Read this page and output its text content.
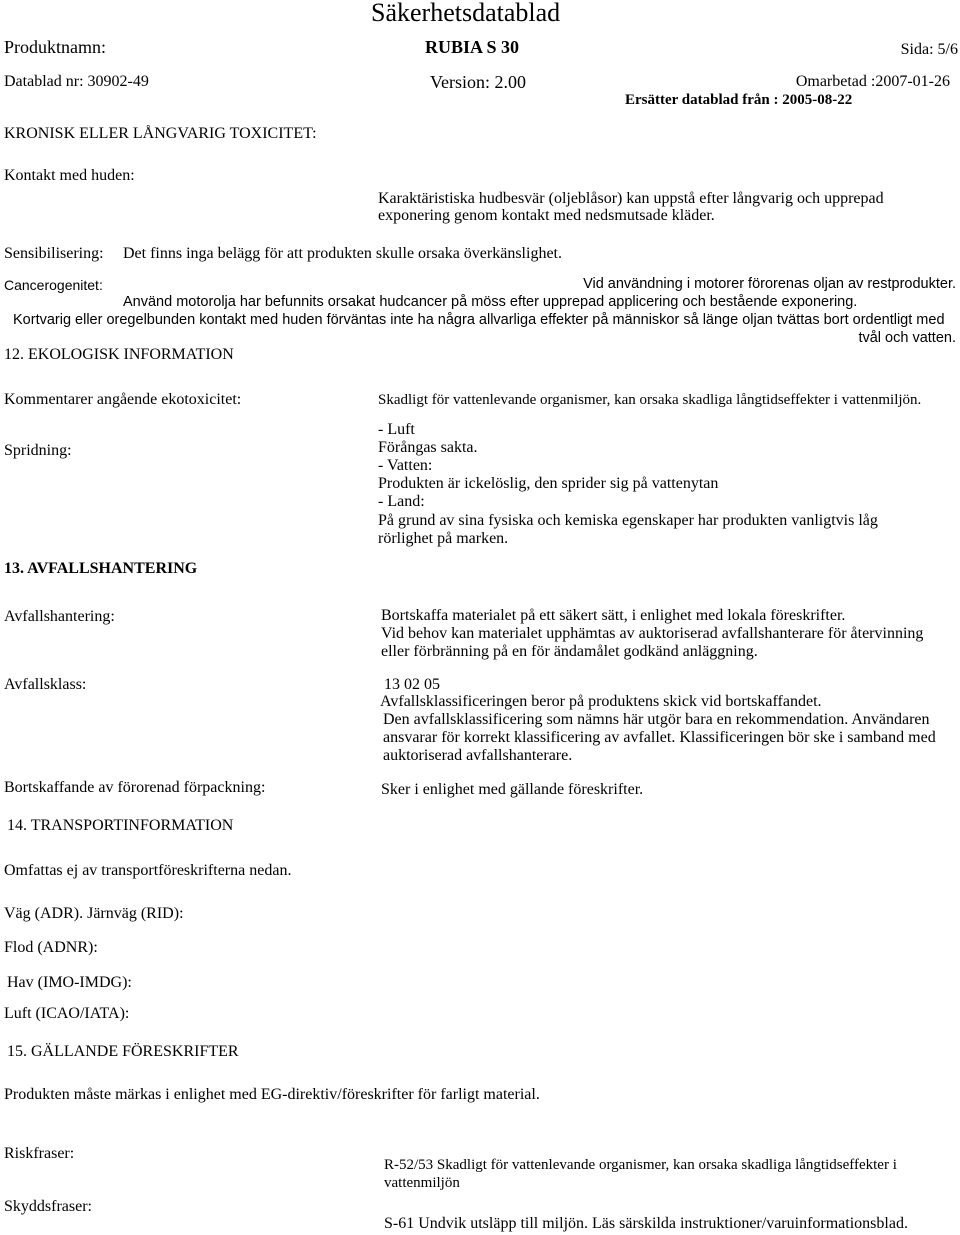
Säkerhetsdatablad
Produktnamn:	RUBIA S 30	Sida: 5/6
Datablad nr: 30902-49	Version: 2.00	Omarbetad :2007-01-26
Ersätter datablad från : 2005-08-22
KRONISK ELLER LÅNGVARIG TOXICITET:
Kontakt med huden:
Karaktäristiska hudbesvär (oljeblåsor) kan uppstå efter långvarig och upprepad
exponering genom kontakt med nedsmutsade kläder.
Sensibilisering: Det finns inga belägg för att produkten skulle orsaka överkänslighet.
Cancerogenitet:	Vid användning i motorer förorenas oljan av restprodukter.
Använd motorolja har befunnits orsakat hudcancer på möss efter upprepad applicering och bestående exponering.
Kortvarig eller oregelbunden kontakt med huden förväntas inte ha några allvarliga effekter på människor så länge oljan tvättas bort ordentligt med
tvål och vatten.
12. EKOLOGISK INFORMATION
Kommentarer angående ekotoxicitet:	Skadligt för vattenlevande organismer, kan orsaka skadliga långtidseffekter i vattenmiljön.
Spridning:
- Luft
Förångas sakta.
- Vatten:
Produkten är ickelöslig, den sprider sig på vattenytan
- Land:
På grund av sina fysiska och kemiska egenskaper har produkten vanligtvis låg
rörlighet på marken.
13. AVFALLSHANTERING
Avfallshantering:	Bortskaffa materialet på ett säkert sätt, i enlighet med lokala föreskrifter.
Vid behov kan materialet upphämtas av auktoriserad avfallshanterare för återvinning
eller förbränning på en för ändamålet godkänd anläggning.
Avfallsklass:	13 02 05
Avfallsklassificeringen beror på produktens skick vid bortskaffandet.
Den avfallsklassificering som nämns här utgör bara en rekommendation. Användaren
ansvarar för korrekt klassificering av avfallet. Klassificeringen bör ske i samband med
auktoriserad avfallshanterare.
Bortskaffande av förorenad förpackning:	Sker i enlighet med gällande föreskrifter.
14. TRANSPORTINFORMATION
Omfattas ej av transportföreskrifterna nedan.
Väg (ADR). Järnväg (RID):
Flod (ADNR):
Hav (IMO-IMDG):
Luft (ICAO/IATA):
15. GÄLLANDE FÖRESKRIFTER
Produkten måste märkas i enlighet med EG-direktiv/föreskrifter för farligt material.
Riskfraser:
R-52/53 Skadligt för vattenlevande organismer, kan orsaka skadliga långtidseffekter i
vattenmiljön
Skyddsfraser:
S-61 Undvik utsläpp till miljön. Läs särskilda instruktioner/varuinformationsblad.
